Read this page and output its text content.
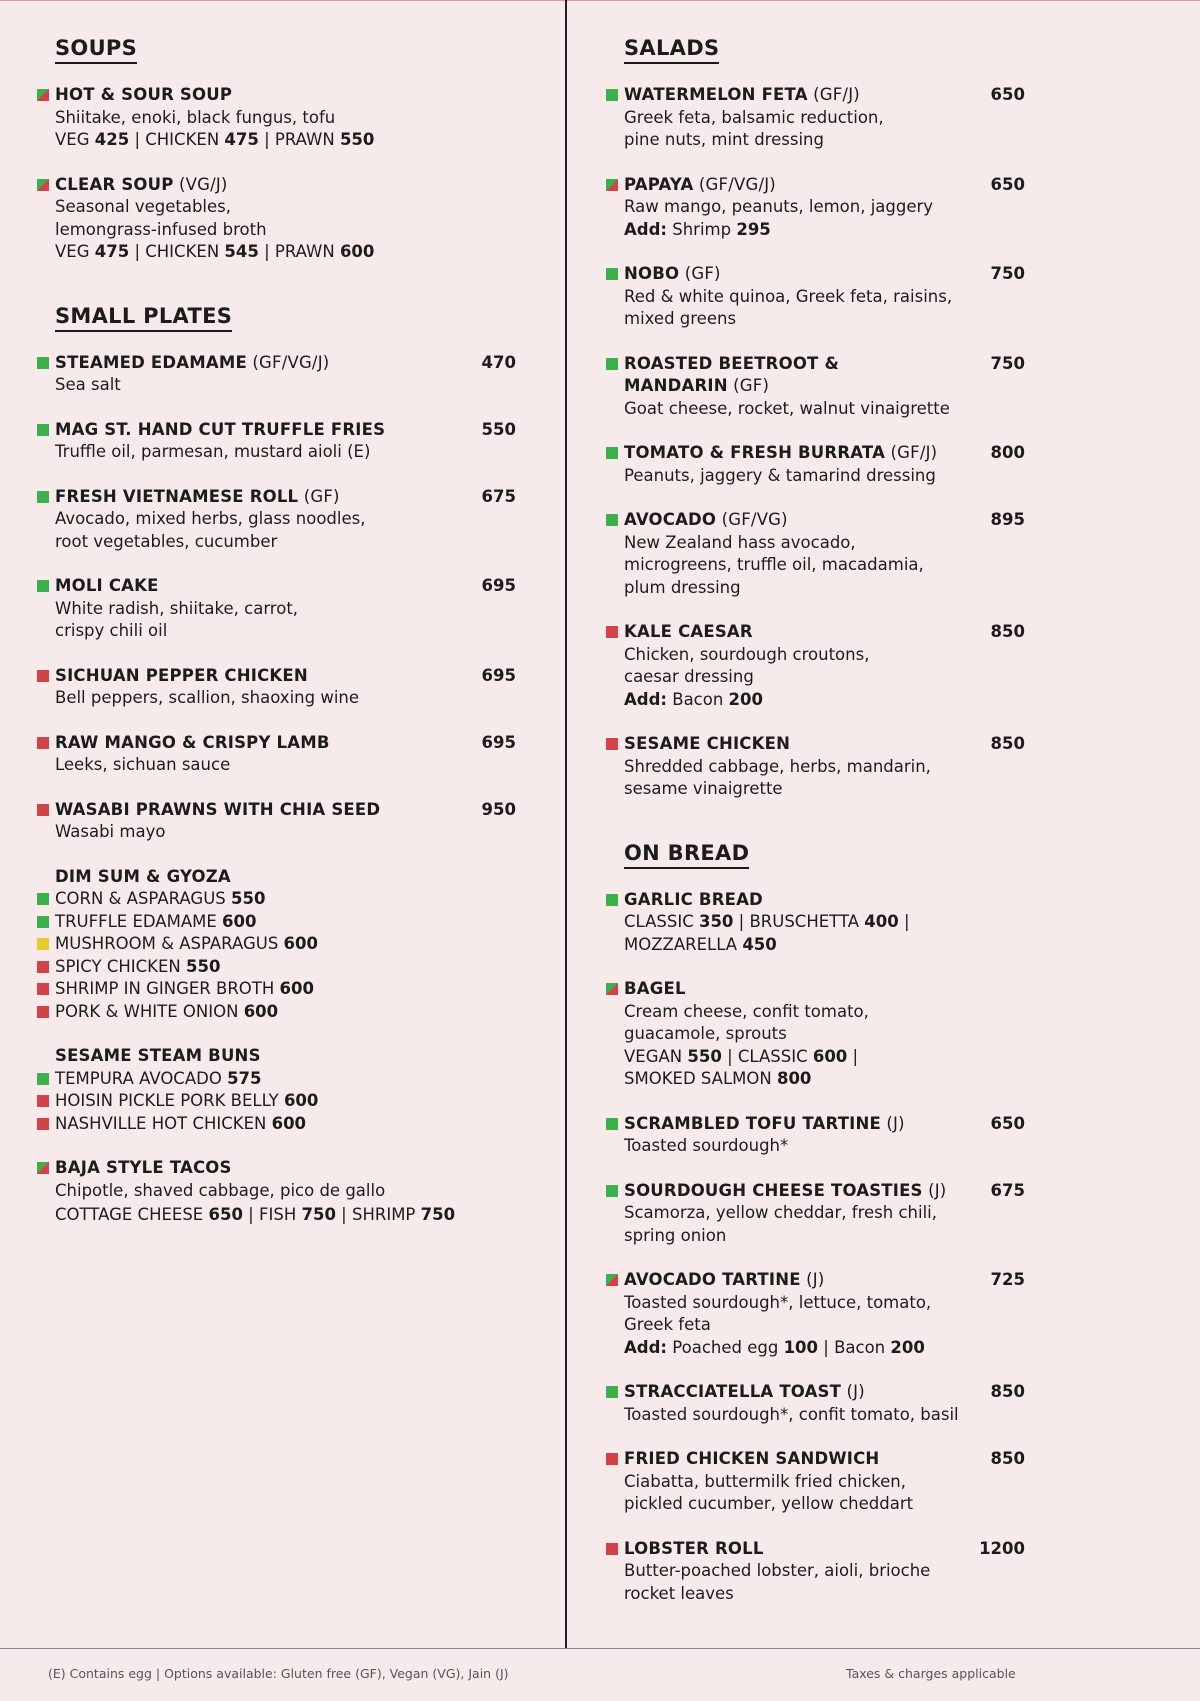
SOUPS
HOT & SOUR SOUP
Shiitake, enoki, black fungus, tofu
VEG 425 | CHICKEN 475 | PRAWN 550
CLEAR SOUP (VG/J)
Seasonal vegetables,
lemongrass-infused broth
VEG 475 | CHICKEN 545 | PRAWN 600
SMALL PLATES
STEAMED EDAMAME (GF/VG/J)	470
Sea salt
MAG ST. HAND CUT TRUFFLE FRIES	550
Truffle oil, parmesan, mustard aioli (E)
FRESH VIETNAMESE ROLL (GF)	675
Avocado, mixed herbs, glass noodles,
root vegetables, cucumber
MOLI CAKE	695
White radish, shiitake, carrot,
crispy chili oil
SICHUAN PEPPER CHICKEN	695
Bell peppers, scallion, shaoxing wine
RAW MANGO & CRISPY LAMB	695
Leeks, sichuan sauce
WASABI PRAWNS WITH CHIA SEED	950
Wasabi mayo
DIM SUM & GYOZA
CORN & ASPARAGUS 550
TRUFFLE EDAMAME 600
MUSHROOM & ASPARAGUS 600
SPICY CHICKEN 550
SHRIMP IN GINGER BROTH 600
PORK & WHITE ONION 600
SESAME STEAM BUNS
TEMPURA AVOCADO 575
HOISIN PICKLE PORK BELLY 600
NASHVILLE HOT CHICKEN 600
BAJA STYLE TACOS
Chipotle, shaved cabbage, pico de gallo
COTTAGE CHEESE 650 | FISH 750 | SHRIMP 750
SALADS
WATERMELON FETA (GF/J)	650
Greek feta, balsamic reduction,
pine nuts, mint dressing
PAPAYA (GF/VG/J)	650
Raw mango, peanuts, lemon, jaggery
Add: Shrimp 295
NOBO (GF)	750
Red & white quinoa, Greek feta, raisins,
mixed greens
ROASTED BEETROOT &	750
MANDARIN (GF)
Goat cheese, rocket, walnut vinaigrette
TOMATO & FRESH BURRATA (GF/J)	800
Peanuts, jaggery & tamarind dressing
AVOCADO (GF/VG)	895
New Zealand hass avocado,
microgreens, truffle oil, macadamia,
plum dressing
KALE CAESAR	850
Chicken, sourdough croutons,
caesar dressing
Add: Bacon 200
SESAME CHICKEN	850
Shredded cabbage, herbs, mandarin,
sesame vinaigrette
ON BREAD
GARLIC BREAD
CLASSIC 350 | BRUSCHETTA 400 |
MOZZARELLA 450
BAGEL
Cream cheese, confit tomato,
guacamole, sprouts
VEGAN 550 | CLASSIC 600 |
SMOKED SALMON 800
SCRAMBLED TOFU TARTINE (J)	650
Toasted sourdough*
SOURDOUGH CHEESE TOASTIES (J)	675
Scamorza, yellow cheddar, fresh chili,
spring onion
AVOCADO TARTINE (J)	725
Toasted sourdough*, lettuce, tomato,
Greek feta
Add: Poached egg 100 | Bacon 200
STRACCIATELLA TOAST (J)	850
Toasted sourdough*, confit tomato, basil
FRIED CHICKEN SANDWICH	850
Ciabatta, buttermilk fried chicken,
pickled cucumber, yellow cheddart
LOBSTER ROLL	1200
Butter-poached lobster, aioli, brioche
rocket leaves
(E) Contains egg | Options available: Gluten free (GF), Vegan (VG), Jain (J)	Taxes & charges applicable
